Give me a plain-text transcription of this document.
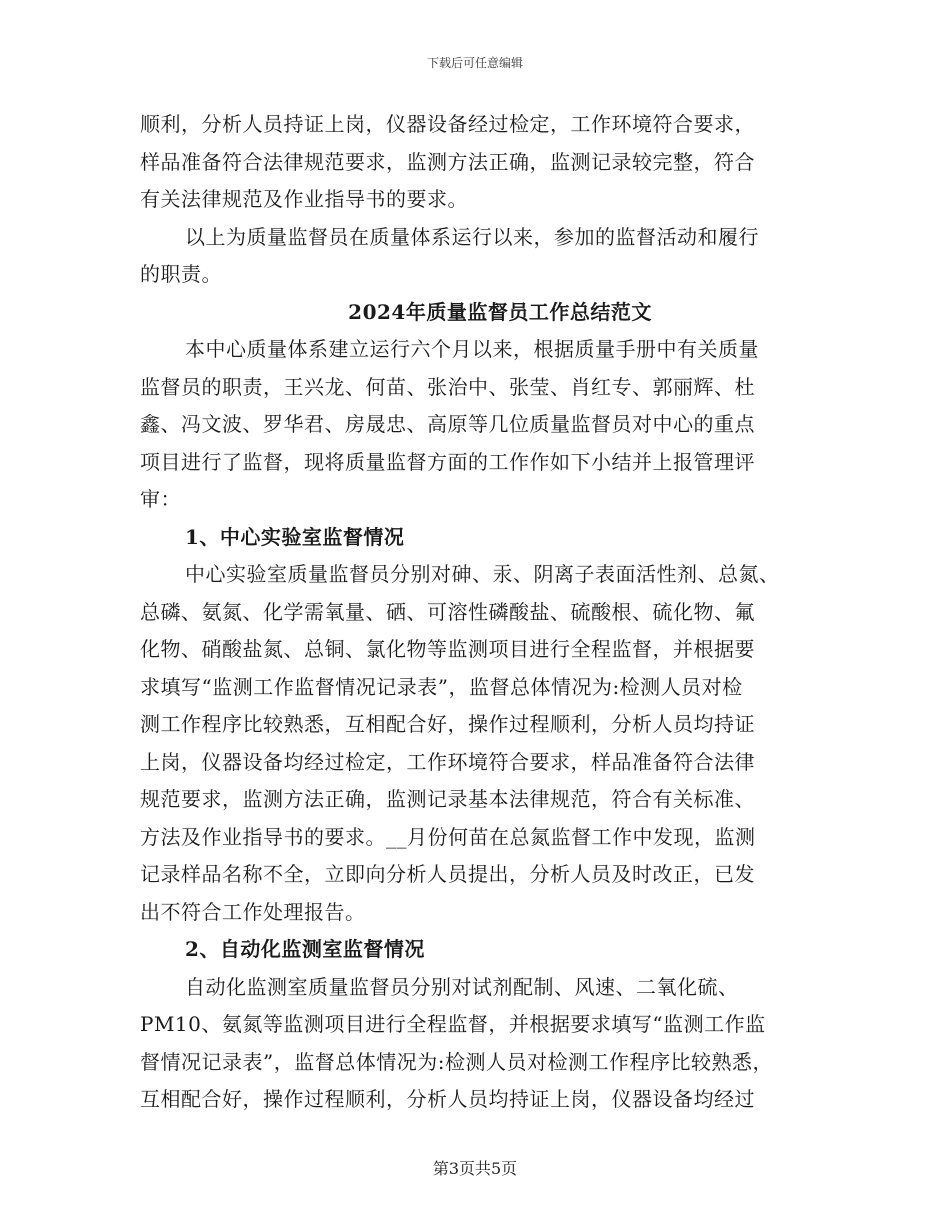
下载后可任意编辑
顺利，分析人员持证上岗，仪器设备经过检定，工作环境符合要求，
样品准备符合法律规范要求，监测方法正确，监测记录较完整，符合
有关法律规范及作业指导书的要求。
以上为质量监督员在质量体系运行以来，参加的监督活动和履行
的职责。
2024年质量监督员工作总结范文
本中心质量体系建立运行六个月以来，根据质量手册中有关质量
监督员的职责，王兴龙、何苗、张治中、张莹、肖红专、郭丽辉、杜
鑫、冯文波、罗华君、房晟忠、高原等几位质量监督员对中心的重点
项目进行了监督，现将质量监督方面的工作作如下小结并上报管理评
审：
1、中心实验室监督情况
中心实验室质量监督员分别对砷、汞、阴离子表面活性剂、总氮、
总磷、氨氮、化学需氧量、硒、可溶性磷酸盐、硫酸根、硫化物、氟
化物、硝酸盐氮、总铜、氯化物等监测项目进行全程监督，并根据要
求填写“监测工作监督情况记录表”，监督总体情况为:检测人员对检
测工作程序比较熟悉，互相配合好，操作过程顺利，分析人员均持证
上岗，仪器设备均经过检定，工作环境符合要求，样品准备符合法律
规范要求，监测方法正确，监测记录基本法律规范，符合有关标准、
方法及作业指导书的要求。__月份何苗在总氮监督工作中发现，监测
记录样品名称不全，立即向分析人员提出，分析人员及时改正，已发
出不符合工作处理报告。
2、自动化监测室监督情况
自动化监测室质量监督员分别对试剂配制、风速、二氧化硫、
PM10、氨氮等监测项目进行全程监督，并根据要求填写“监测工作监
督情况记录表”，监督总体情况为:检测人员对检测工作程序比较熟悉，
互相配合好，操作过程顺利，分析人员均持证上岗，仪器设备均经过
第3页共5页
